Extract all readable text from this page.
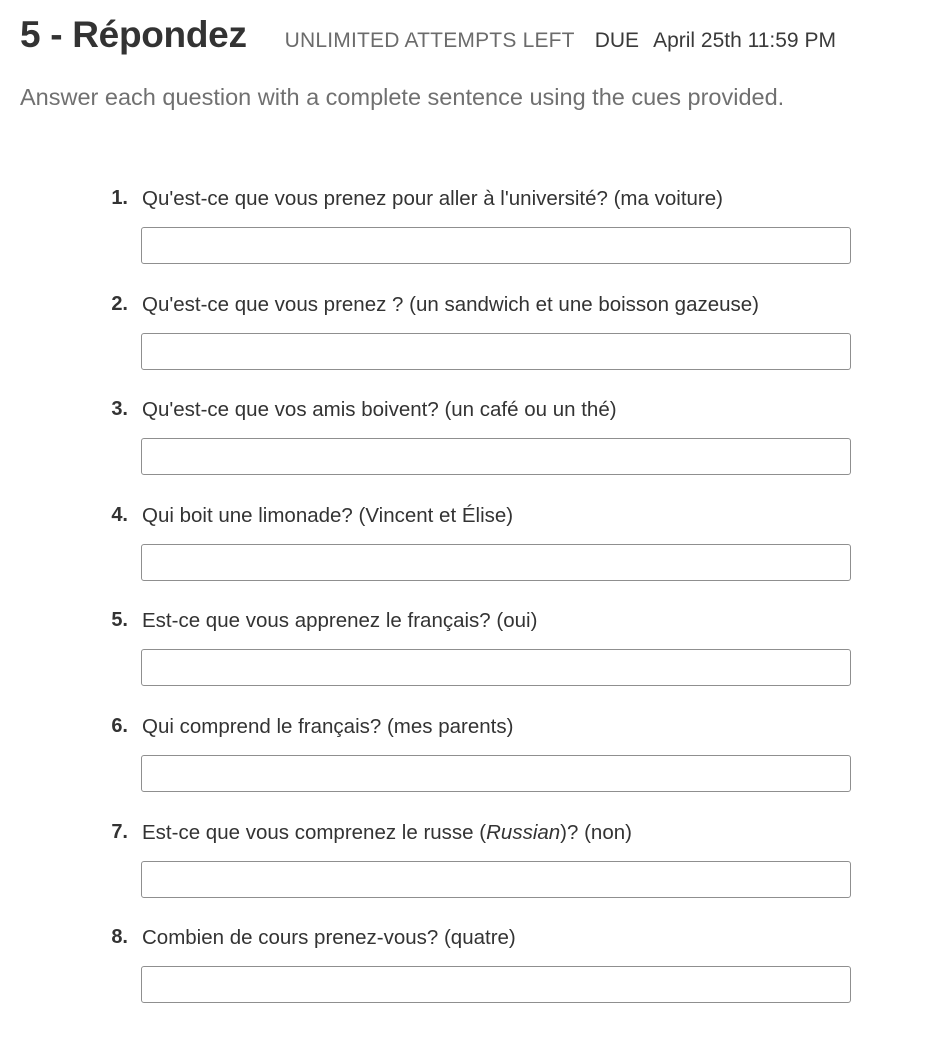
5 - Répondez UNLIMITED ATTEMPTS LEFT DUE April 25th 11:59 PM
Answer each question with a complete sentence using the cues provided.
1. Qu'est-ce que vous prenez pour aller à l'université? (ma voiture)
2. Qu'est-ce que vous prenez ? (un sandwich et une boisson gazeuse)
3. Qu'est-ce que vos amis boivent? (un café ou un thé)
4. Qui boit une limonade? (Vincent et Élise)
5. Est-ce que vous apprenez le français? (oui)
6. Qui comprend le français? (mes parents)
7. Est-ce que vous comprenez le russe (Russian)? (non)
8. Combien de cours prenez-vous? (quatre)
